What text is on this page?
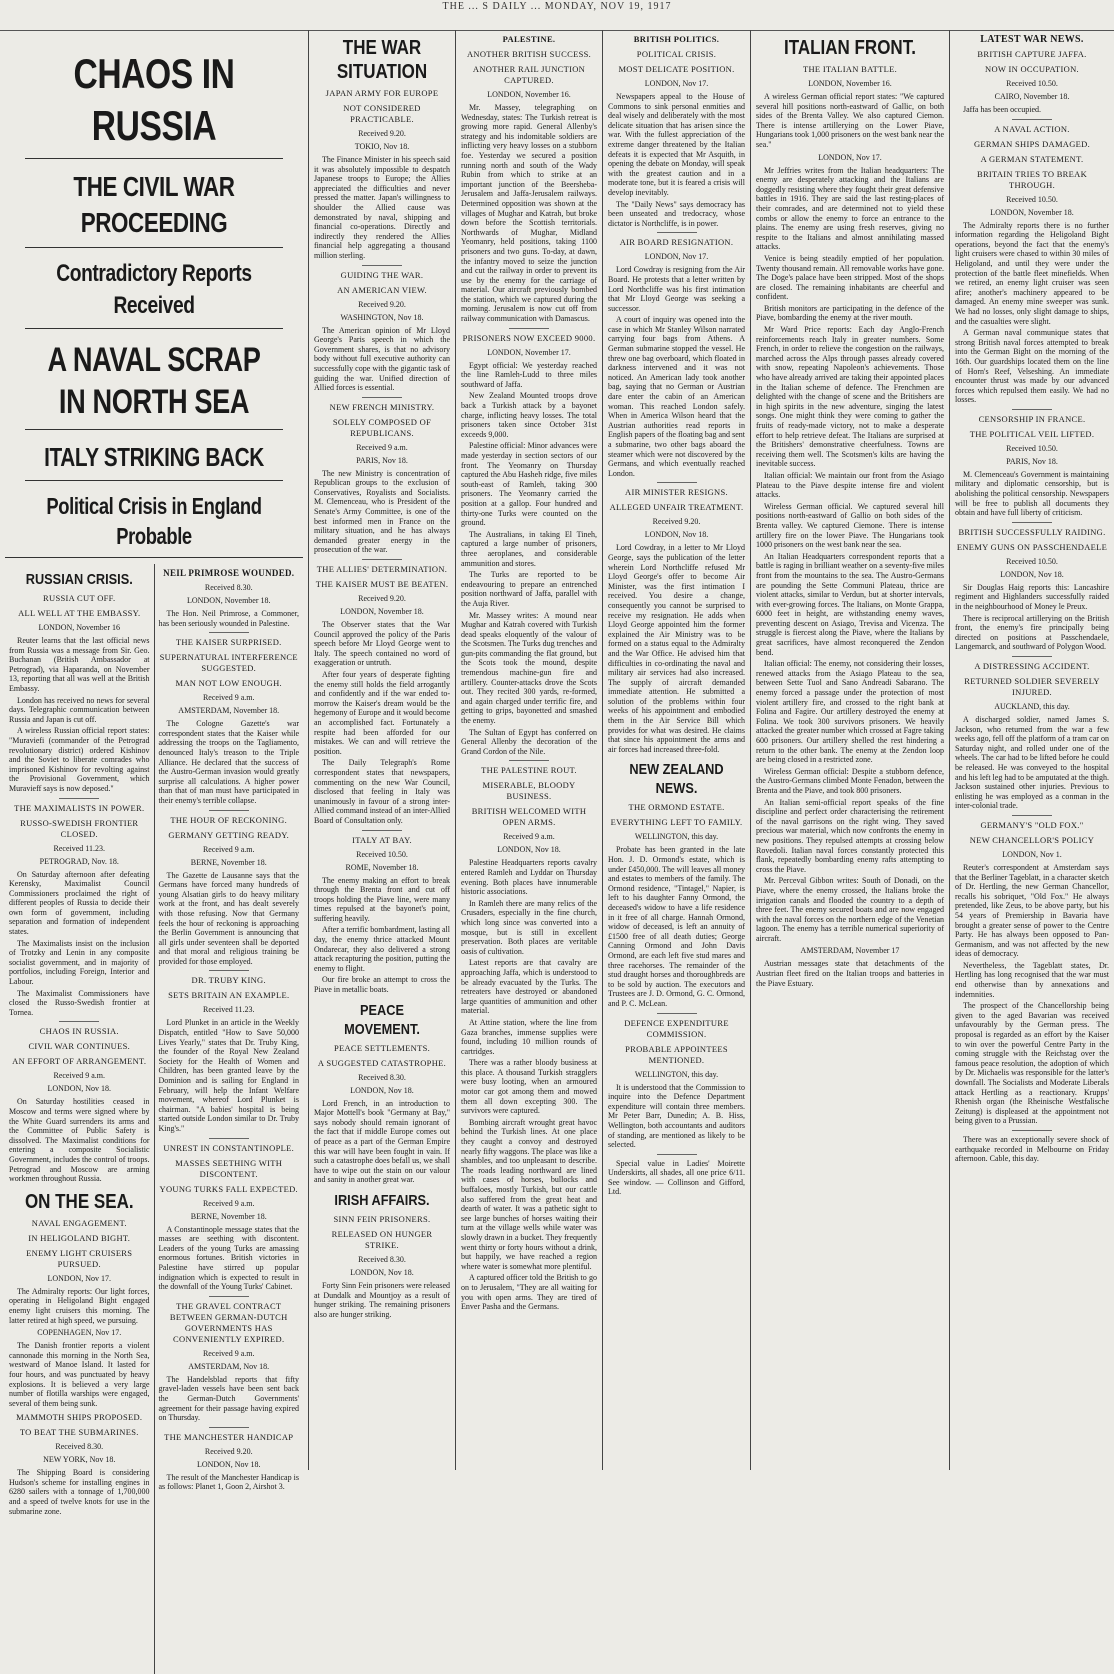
THE ... S DAILY ... MONDAY, NOV 19, 1917
CHAOS IN RUSSIA
THE CIVIL WAR PROCEEDING
Contradictory Reports Received
A NAVAL SCRAP IN NORTH SEA
ITALY STRIKING BACK
Political Crisis in England Probable
RUSSIAN CRISIS.
RUSSIA CUT OFF.
ALL WELL AT THE EMBASSY.
LONDON, November 16

Reuter learns that the last official news from Russia was a message from Sir. Geo. Buchanan (British Ambassador at Petrograd), via Haparanda, on November 13, reporting that all was well at the British Embassy.

London has received no news for several days. Telegraphic communication between Russia and Japan is cut off.

A wireless Russian official report states: "Muraviefi (commander of the Petrograd revolutionary district) ordered Kishinov and the Soviet to liberate comrades who imprisoned Kishinov for revolting against the Provisional Government, which Muravieff says is now deposed."

THE MAXIMALISTS IN POWER.
RUSSO-SWEDISH FRONTIER CLOSED.
Received 11.23.
PETROGRAD, Nov. 18.

On Saturday afternoon after defeating Kerensky, Maximalist Council Commissioners proclaimed the right of different peoples of Russia to decide their own form of government, including separation and formation of independent states.

The Maximalists insist on the inclusion of Trotzky and Lenin in any composite socialist government, and in majority of portfolios, including Foreign, Interior and Labour.

The Maximalist Commissioners have closed the Russo-Swedish frontier at Tornea.

CHAOS IN RUSSIA.
CIVIL WAR CONTINUES.
AN EFFORT OF ARRANGEMENT.
Received 9 a.m.
LONDON, Nov 18.

On Saturday hostilities ceased in Moscow and terms were signed where by the White Guard surrenders its arms and the Committee of Public Safety is dissolved. The Maximalist conditions for entering a composite Socialistic Government, includes the control of troops. Petrograd and Moscow are arming workmen throughout Russia.

ON THE SEA.
NAVAL ENGAGEMENT.
IN HELIGOLAND BIGHT.
ENEMY LIGHT CRUISERS PURSUED.
LONDON, Nov 17.

The Admiralty reports: Our light forces, operating in Heligoland Bight engaged enemy light cruisers this morning. The latter retired at high speed, we pursuing.

COPENHAGEN, Nov 17.

The Danish frontier reports a violent cannonade this morning in the North Sea, westward of Manoe Island. It lasted for four hours, and was punctuated by heavy explosions. It is believed a very large number of flotilla warships were engaged, several of them being sunk.

MAMMOTH SHIPS PROPOSED.
TO BEAT THE SUBMARINES.
Received 8.30.
NEW YORK, Nov 18.

The Shipping Board is considering Hudson's scheme for installing engines in 6280 sailers with a tonnage of 1,700,000 and a speed of twelve knots for use in the submarine zone.

NEIL PRIMROSE WOUNDED.
Received 8.30.
LONDON, November 18.

The Hon. Neil Primrose, a Commoner, has been seriously wounded in Palestine.

THE KAISER SURPRISED.
SUPERNATURAL INTERFERENCE SUGGESTED.
MAN NOT LOW ENOUGH.
Received 9 a.m.
AMSTERDAM, November 18.

The Cologne Gazette's war correspondent states that the Kaiser while addressing the troops on the Tagliamento, denounced Italy's treason to the Triple Alliance. He declared that the success of the Austro-German invasion would greatly surprise all calculations. A higher power than that of man must have participated in their enemy's terrible collapse.

THE HOUR OF RECKONING.
GERMANY GETTING READY.
Received 9 a.m.
BERNE, November 18.

The Gazette de Lausanne says that the Germans have forced many hundreds of young Alsatian girls to do heavy military work at the front, and has dealt severely with those refusing. Now that Germany feels the hour of reckoning is approaching the Berlin Government is announcing that all girls under seventeen shall be deported and that moral and religious training be provided for those employed.

DR. TRUBY KING.
SETS BRITAIN AN EXAMPLE.
Received 11.23.

Lord Plunket in an article in the Weekly Dispatch, entitled "How to Save 50,000 Lives Yearly," states that Dr. Truby King, the founder of the Royal New Zealand Society for the Health of Women and Children, has been granted leave by the Dominion and is sailing for England in February, will help the Infant Welfare movement, whereof Lord Plunket is chairman. "A babies' hospital is being started outside London similar to Dr. Truby King's."

UNREST IN CONSTANTINOPLE.
MASSES SEETHING WITH DISCONTENT.
YOUNG TURKS FALL EXPECTED.
Received 9 a.m.
BERNE, November 18.

A Constantinople message states that the masses are seething with discontent. Leaders of the young Turks are amassing enormous fortunes. British victories in Palestine have stirred up popular indignation which is expected to result in the downfall of the Young Turks' Cabinet.

THE GRAVEL CONTRACT BETWEEN GERMAN-DUTCH GOVERNMENTS HAS CONVENIENTLY EXPIRED.
Received 9 a.m.
AMSTERDAM, Nov 18.

The Handelsblad reports that fifty gravel-laden vessels have been sent back the German-Dutch Governments' agreement for their passage having expired on Thursday.

THE MANCHESTER HANDICAP
Received 9.20.
LONDON, Nov 18.

The result of the Manchester Handicap is as follows: Planet 1, Goon 2, Airshot 3.

THE WAR SITUATION
JAPAN ARMY FOR EUROPE
NOT CONSIDERED PRACTICABLE.
Received 9.20.
TOKIO, Nov 18.

The Finance Minister in his speech said it was absolutely impossible to despatch Japanese troops to Europe; the Allies appreciated the difficulties and never pressed the matter. Japan's willingness to shoulder the Allied cause was demonstrated by naval, shipping and financial co-operations. Directly and indirectly they rendered the Allies financial help aggregating a thousand million sterling.

GUIDING THE WAR.
AN AMERICAN VIEW.
Received 9.20.
WASHINGTON, Nov 18.

The American opinion of Mr Lloyd George's Paris speech in which the Government shares, is that no advisory body without full executive authority can successfully cope with the gigantic task of guiding the war. Unified direction of Allied forces is essential.

NEW FRENCH MINISTRY.
SOLELY COMPOSED OF REPUBLICANS.
Received 9 a.m.
PARIS, Nov 18.

The new Ministry is concentration of Republican groups to the exclusion of Conservatives, Royalists and Socialists. M. Clemenceau, who is President of the Senate's Army Committee, is one of the best informed men in France on the military situation, and he has always demanded greater energy in the prosecution of the war.

THE ALLIES' DETERMINATION.
THE KAISER MUST BE BEATEN.
Received 9.20.
LONDON, November 18.

The Observer states that the War Council approved the policy of the Paris speech before Mr Lloyd George went to Italy. The speech contained no word of exaggeration or untruth.

After four years of desperate fighting the enemy still holds the field arrogantly and confidently and if the war ended to-morrow the Kaiser's dream would be the hegemony of Europe and it would become an accomplished fact. Fortunately a respite had been afforded for our mistakes. We can and will retrieve the position.

The Daily Telegraph's Rome correspondent states that newspapers, commenting on the new War Council, disclosed that feeling in Italy was unanimously in favour of a strong inter-Allied command instead of an inter-Allied Board of Consultation only.

ITALY AT BAY.
Received 10.50.
ROME, November 18.

The enemy making an effort to break through the Brenta front and cut off troops holding the Piave line, were many times repulsed at the bayonet's point, suffering heavily.

After a terrific bombardment, lasting all day, the enemy thrice attacked Mount Ondarecar, they also delivered a strong attack recapturing the position, putting the enemy to flight.

Our fire broke an attempt to cross the Piave in metallic boats.

PEACE MOVEMENT.
PEACE SETTLEMENTS.
A SUGGESTED CATASTROPHE.
Received 8.30.
LONDON, Nov 18.

Lord French, in an introduction to Major Mottell's book "Germany at Bay," says nobody should remain ignorant of the fact that if middle Europe comes out of peace as a part of the German Empire this war will have been fought in vain. If such a catastrophe does befall us, we shall have to wipe out the stain on our valour and sanity in another great war.

IRISH AFFAIRS.
SINN FEIN PRISONERS.
RELEASED ON HUNGER STRIKE.
Received 8.30.
LONDON, Nov 18.

Forty Sinn Fein prisoners were released at Dundalk and Mountjoy as a result of hunger striking. The remaining prisoners also are hunger striking.

PALESTINE.
ANOTHER BRITISH SUCCESS.
ANOTHER RAIL JUNCTION CAPTURED.
LONDON, November 16.

Mr. Massey, telegraphing on Wednesday, states: The Turkish retreat is growing more rapid. General Allenby's strategy and his indomitable soldiers are inflicting very heavy losses on a stubborn foe. Yesterday we secured a position running north and south of the Wady Rubin from which to strike at an important junction of the Beersheba-Jerusalem and Jaffa-Jerusalem railways. Determined opposition was shown at the villages of Mughar and Katrah, but broke down before the Scottish territorials. Northwards of Mughar, Midland Yeomanry, held positions, taking 1100 prisoners and two guns. To-day, at dawn, the infantry moved to seize the junction and cut the railway in order to prevent its use by the enemy for the carriage of material. Our aircraft previously bombed the station, which we captured during the morning. Jerusalem is now cut off from railway communication with Damascus.

PRISONERS NOW EXCEED 9000.
LONDON, November 17.

Egypt official: We yesterday reached the line Ramleh-Ludd to three miles southward of Jaffa.

New Zealand Mounted troops drove back a Turkish attack by a bayonet charge, inflicting heavy losses. The total prisoners taken since October 31st exceeds 9,000.

Palestine official: Minor advances were made yesterday in section sectors of our front. The Yeomanry on Thursday captured the Abu Hasheh ridge, five miles south-east of Ramleh, taking 300 prisoners. The Yeomanry carried the position at a gallop. Four hundred and thirty-one Turks were counted on the ground.

The Australians, in taking El Tineh, captured a large number of prisoners, three aeroplanes, and considerable ammunition and stores.

The Turks are reported to be endeavouring to prepare an entrenched position northward of Jaffa, parallel with the Auja River.

Mr. Massey writes: A mound near Mughar and Katrah covered with Turkish dead speaks eloquently of the valour of the Scotsmen. The Turks dug trenches and gun-pits commanding the flat ground, but the Scots took the mound, despite tremendous machine-gun fire and artillery. Counter-attacks drove the Scots out. They recited 300 yards, re-formed, and again charged under terrific fire, and getting to grips, bayonetted and smashed the enemy.

The Sultan of Egypt has conferred on General Allenby the decoration of the Grand Cordon of the Nile.

THE PALESTINE ROUT.
MISERABLE, BLOODY BUSINESS.
BRITISH WELCOMED WITH OPEN ARMS.
Received 9 a.m.
LONDON, Nov 18.

Palestine Headquarters reports cavalry entered Ramleh and Lyddar on Thursday evening. Both places have innumerable historic associations.

In Ramleh there are many relics of the Crusaders, especially in the fine church, which long since was converted into a mosque, but is still in excellent preservation. Both places are veritable oasis of cultivation.

Latest reports are that cavalry are approaching Jaffa, which is understood to be already evacuated by the Turks. The retreaters have destroyed or abandoned large quantities of ammunition and other material.

At Attine station, where the line from Gaza branches, immense supplies were found, including 10 million rounds of cartridges.

There was a rather bloody business at this place. A thousand Turkish stragglers were busy looting, when an armoured motor car got among them and mowed them all down excepting 300. The survivors were captured.

Bombing aircraft wrought great havoc behind the Turkish lines. At one place they caught a convoy and destroyed nearly fifty waggons. The place was like a shambles, and too unpleasant to describe. The roads leading northward are lined with cases of horses, bullocks and buffaloes, mostly Turkish, but our cattle also suffered from the great heat and dearth of water. It was a pathetic sight to see large bunches of horses waiting their turn at the village wells while water was slowly drawn in a bucket. They frequently went thirty or forty hours without a drink, but happily, we have reached a region where water is somewhat more plentiful.

A captured officer told the British to go on to Jerusalem, "They are all waiting for you with open arms. They are tired of Enver Pasha and the Germans.

BRITISH POLITICS.
POLITICAL CRISIS.
MOST DELICATE POSITION.
LONDON, Nov 17.

Newspapers appeal to the House of Commons to sink personal enmities and deal wisely and deliberately with the most delicate situation that has arisen since the war. With the fullest appreciation of the extreme danger threatened by the Italian defeats it is expected that Mr Asquith, in opening the debate on Monday, will speak with the greatest caution and in a moderate tone, but it is feared a crisis will develop inevitably.

The "Daily News" says democracy has been unseated and tredocracy, whose dictator is Northcliffe, is in power.

AIR BOARD RESIGNATION.
LONDON, Nov 17.

Lord Cowdray is resigning from the Air Board. He protests that a letter written by Lord Northcliffe was his first intimation that Mr Lloyd George was seeking a successor.

A court of inquiry was opened into the case in which Mr Stanley Wilson narrated carrying four bags from Athens. A German submarine stopped the vessel. He threw one bag overboard, which floated in darkness intervened and it was not noticed. An American lady took another bag, saying that no German or Austrian dare enter the cabin of an American woman. This reached London safely. When in America Wilson heard that the Austrian authorities read reports in English papers of the floating bag and sent a submarine, two other bags aboard the steamer which were not discovered by the Germans, and which eventually reached London.

AIR MINISTER RESIGNS.
ALLEGED UNFAIR TREATMENT.
Received 9.20.
LONDON, Nov 18.

Lord Cowdray, in a letter to Mr Lloyd George, says the publication of the letter wherein Lord Northcliffe refused Mr Lloyd George's offer to become Air Minister, was the first intimation I received. You desire a change, consequently you cannot be surprised to receive my resignation. He adds when Lloyd George appointed him the former explained the Air Ministry was to be formed on a status equal to the Admiralty and the War Office. He advised him that difficulties in co-ordinating the naval and military air services had also increased. The supply of aircraft demanded immediate attention. He submitted a solution of the problems within four weeks of his appointment and embodied them in the Air Service Bill which provides for what was desired. He claims that since his appointment the arms and air forces had increased three-fold.

NEW ZEALAND NEWS.
THE ORMOND ESTATE.
EVERYTHING LEFT TO FAMILY.
WELLINGTON, this day.

Probate has been granted in the late Hon. J. D. Ormond's estate, which is under £450,000. The will leaves all money and estates to members of the family. The Ormond residence, "Tintagel," Napier, is left to his daughter Fanny Ormond, the deceased's widow to have a life residence in it free of all charge. Hannah Ormond, widow of deceased, is left an annuity of £1500 free of all death duties; George Canning Ormond and John Davis Ormond, are each left five stud mares and three racehorses. The remainder of the stud draught horses and thoroughbreds are to be sold by auction. The executors and Trustees are J. D. Ormond, G. C. Ormond, and P. C. McLean.

DEFENCE EXPENDITURE COMMISSION.
PROBABLE APPOINTEES MENTIONED.
WELLINGTON, this day.

It is understood that the Commission to inquire into the Defence Department expenditure will contain three members. Mr Peter Barr, Dunedin; A. B. Hiss, Wellington, both accountants and auditors of standing, are mentioned as likely to be selected.

Special value in Ladies' Moirette Underskirts, all shades, all one price 6/11. See window. — Collinson and Gifford, Ltd.

ITALIAN FRONT.
THE ITALIAN BATTLE.
LONDON, November 16.

A wireless German official report states: "We captured several hill positions north-eastward of Gallic, on both sides of the Brenta Valley. We also captured Ciemon. There is intense artillerying on the Lower Piave, Hungarians took 1,000 prisoners on the west bank near the sea."

LONDON, Nov 17.

Mr Jeffries writes from the Italian headquarters: The enemy are desperately attacking and the Italians are doggedly resisting where they fought their great defensive battles in 1916. They are said the last resting-places of their comrades, and are determined not to yield these combs or allow the enemy to force an entrance to the plains. The enemy are using fresh reserves, giving no respite to the Italians and almost annihilating massed attacks.

Venice is being steadily emptied of her population. Twenty thousand remain. All removable works have gone. The Doge's palace have been stripped. Most of the shops are closed. The remaining inhabitants are cheerful and confident.

British monitors are participating in the defence of the Piave, bombarding the enemy at the river mouth.

Mr Ward Price reports: Each day Anglo-French reinforcements reach Italy in greater numbers. Some French, in order to relieve the congestion on the railways, marched across the Alps through passes already covered with snow, repeating Napoleon's achievements. Those who have already arrived are taking their appointed places in the Italian scheme of defence. The Frenchmen are delighted with the change of scene and the Britishers are in high spirits in the new adventure, singing the latest songs. One might think they were coming to gather the fruits of ready-made victory, not to make a desperate effort to help retrieve defeat. The Italians are surprised at the Britishers' demonstrative cheerfulness. Towns are receiving them well. The Scotsmen's kilts are having the inevitable success.

Italian official: We maintain our front from the Asiago Plateau to the Piave despite intense fire and violent attacks.

Wireless German official. We captured several hill positions north-eastward of Gallio on both sides of the Brenta valley. We captured Ciemone. There is intense artillery fire on the lower Piave. The Hungarians took 1000 prisoners on the west bank near the sea.

An Italian Headquarters correspondent reports that a battle is raging in brilliant weather on a seventy-five miles front from the mountains to the sea. The Austro-Germans are pounding the Sette Communi Plateau, thrice are violent attacks, similar to Verdun, but at shorter intervals, with ever-growing forces. The Italians, on Monte Grappa, 6000 feet in height, are withstanding enemy waves, preventing descent on Asiago, Trevisa and Vicenza. The struggle is fiercest along the Piave, where the Italians by great sacrifices, have almost reconquered the Zendon bend.

Italian official: The enemy, not considering their losses, renewed attacks from the Asiago Plateau to the sea, between Sette Tuol and Sano Andreadi Sabarano. The enemy forced a passage under the protection of most violent artillery fire, and crossed to the right bank at Folina and Fagire. Our artillery destroyed the enemy at Folina. We took 300 survivors prisoners. We heavily attacked the greater number which crossed at Fagre taking 600 prisoners. Our artillery shelled the rest hindering a return to the other bank. The enemy at the Zendon loop are being closed in a restricted zone.

Wireless German official: Despite a stubborn defence, the Austro-Germans climbed Monte Fenadon, between the Brenta and the Piave, and took 800 prisoners.

An Italian semi-official report speaks of the fine discipline and perfect order characterising the retirement of the naval garrisons on the right wing. They saved precious war material, which now confronts the enemy in new positions. They repulsed attempts at crossing below Rovedoli. Italian naval forces constantly protected this flank, repeatedly bombarding enemy rafts attempting to cross the Piave.

Mr. Perceval Gibbon writes: South of Donadi, on the Piave, where the enemy crossed, the Italians broke the irrigation canals and flooded the country to a depth of three feet. The enemy secured boats and are now engaged with the naval forces on the northern edge of the Venetian lagoon. The enemy has a terrible numerical superiority of aircraft.

AMSTERDAM, November 17

Austrian messages state that detachments of the Austrian fleet fired on the Italian troops and batteries in the Piave Estuary.

LATEST WAR NEWS.
BRITISH CAPTURE JAFFA.
NOW IN OCCUPATION.
Received 10.50.
CAIRO, November 18.

Jaffa has been occupied.

A NAVAL ACTION.
GERMAN SHIPS DAMAGED.
A GERMAN STATEMENT.
BRITAIN TRIES TO BREAK THROUGH.
Received 10.50.
LONDON, November 18.

The Admiralty reports there is no further information regarding the Heligoland Bight operations, beyond the fact that the enemy's light cruisers were chased to within 30 miles of Heligoland, and until they were under the protection of the battle fleet minefields. When we retired, an enemy light cruiser was seen afire; another's machinery appeared to be damaged. An enemy mine sweeper was sunk. We had no losses, only slight damage to ships, and the casualties were slight.

A German naval communique states that strong British naval forces attempted to break into the German Bight on the morning of the 16th. Our guardships located them on the line of Horn's Reef, Velseshing. An immediate encounter thrust was made by our advanced forces which repulsed them easily. We had no losses.

CENSORSHIP IN FRANCE.
THE POLITICAL VEIL LIFTED.
Received 10.50.
PARIS, Nov 18.

M. Clemenceau's Government is maintaining military and diplomatic censorship, but is abolishing the political censorship. Newspapers will be free to publish all documents they obtain and have full liberty of criticism.

BRITISH SUCCESSFULLY RAIDING.
ENEMY GUNS ON PASSCHENDAELE
Received 10.50.
LONDON, Nov 18.

Sir Douglas Haig reports this: Lancashire regiment and Highlanders successfully raided in the neighbourhood of Money le Preux.

There is reciprocal artillerying on the British front, the enemy's fire principally being directed on positions at Passchendaele, Langemarck, and southward of Polygon Wood.

A DISTRESSING ACCIDENT.
RETURNED SOLDIER SEVERELY INJURED.
AUCKLAND, this day.

A discharged soldier, named James S. Jackson, who returned from the war a few weeks ago, fell off the platform of a tram car on Saturday night, and rolled under one of the wheels. The car had to be lifted before he could be released. He was conveyed to the hospital and his left leg had to be amputated at the thigh. Jackson sustained other injuries. Previous to enlisting he was employed as a conman in the inter-colonial trade.

GERMANY'S "OLD FOX."
NEW CHANCELLOR'S POLICY
LONDON, Nov 1.

Reuter's correspondent at Amsterdam says that the Berliner Tageblatt, in a character sketch of Dr. Hertling, the new German Chancellor, recalls his sobriquet, "Old Fox." He always pretended, like Zeus, to be above party, but his 54 years of Premiership in Bavaria have brought a greater sense of power to the Centre Party. He has always been opposed to Pan-Germanism, and was not affected by the new ideas of democracy.

Nevertheless, the Tageblatt states, Dr. Hertling has long recognised that the war must end otherwise than by annexations and indemnities.

The prospect of the Chancellorship being given to the aged Bavarian was received unfavourably by the German press. The proposal is regarded as an effort by the Kaiser to win over the powerful Centre Party in the coming struggle with the Reichstag over the famous peace resolution, the adoption of which by Dr. Michaelis was responsible for the latter's downfall. The Socialists and Moderate Liberals attack Hertling as a reactionary. Krupps' Rhenish organ (the Rheinische Westfalische Zeitung) is displeased at the appointment not being given to a Prussian.

There was an exceptionally severe shock of earthquake recorded in Melbourne on Friday afternoon. Cable, this day.
